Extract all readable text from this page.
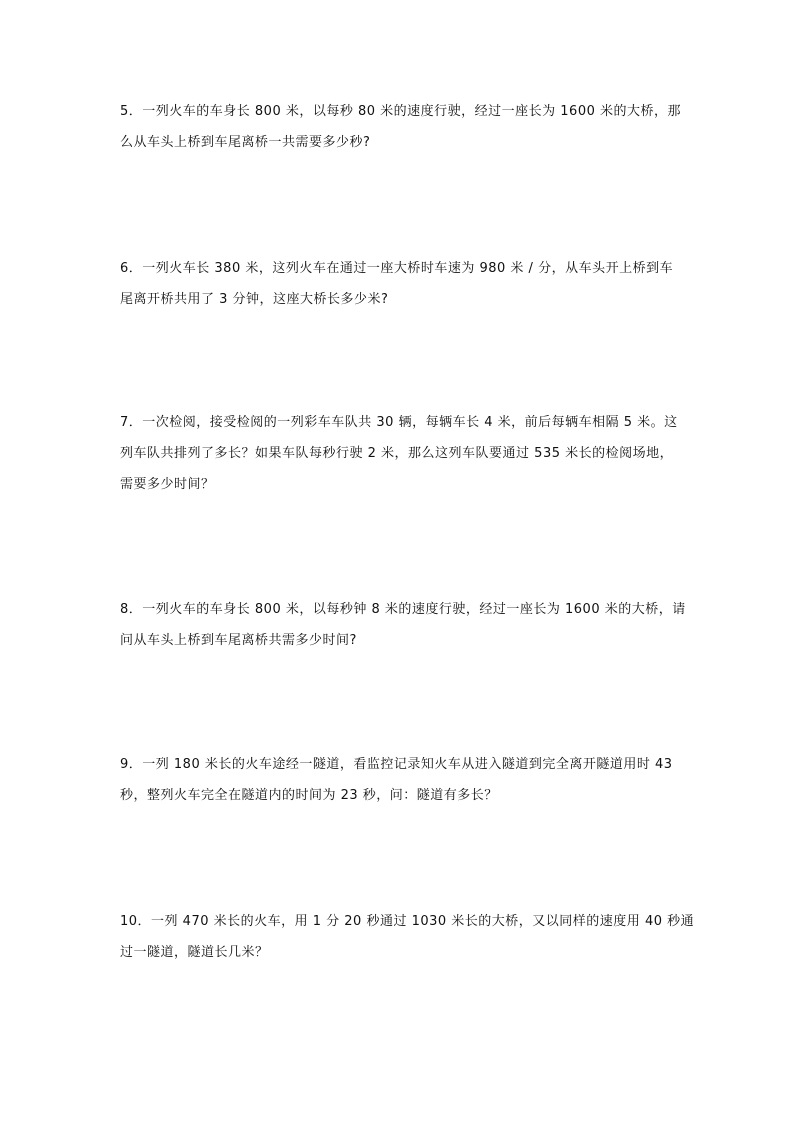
5．一列火车的车身长 800 米，以每秒 80 米的速度行驶，经过一座长为 1600 米的大桥，那
么从车头上桥到车尾离桥一共需要多少秒?
6．一列火车长 380 米，这列火车在通过一座大桥时车速为 980 米 / 分，从车头开上桥到车
尾离开桥共用了 3 分钟，这座大桥长多少米?
7．一次检阅，接受检阅的一列彩车车队共 30 辆，每辆车长 4 米，前后每辆车相隔 5 米。这
列车队共排列了多长？如果车队每秒行驶 2 米，那么这列车队要通过 535 米长的检阅场地，
需要多少时间？
8．一列火车的车身长 800 米，以每秒钟 8 米的速度行驶，经过一座长为 1600 米的大桥，请
问从车头上桥到车尾离桥共需多少时间?
9．一列 180 米长的火车途经一隧道，看监控记录知火车从进入隧道到完全离开隧道用时 43
秒，整列火车完全在隧道内的时间为 23 秒，问：隧道有多长？
10．一列 470 米长的火车，用 1 分 20 秒通过 1030 米长的大桥，又以同样的速度用 40 秒通
过一隧道，隧道长几米？
